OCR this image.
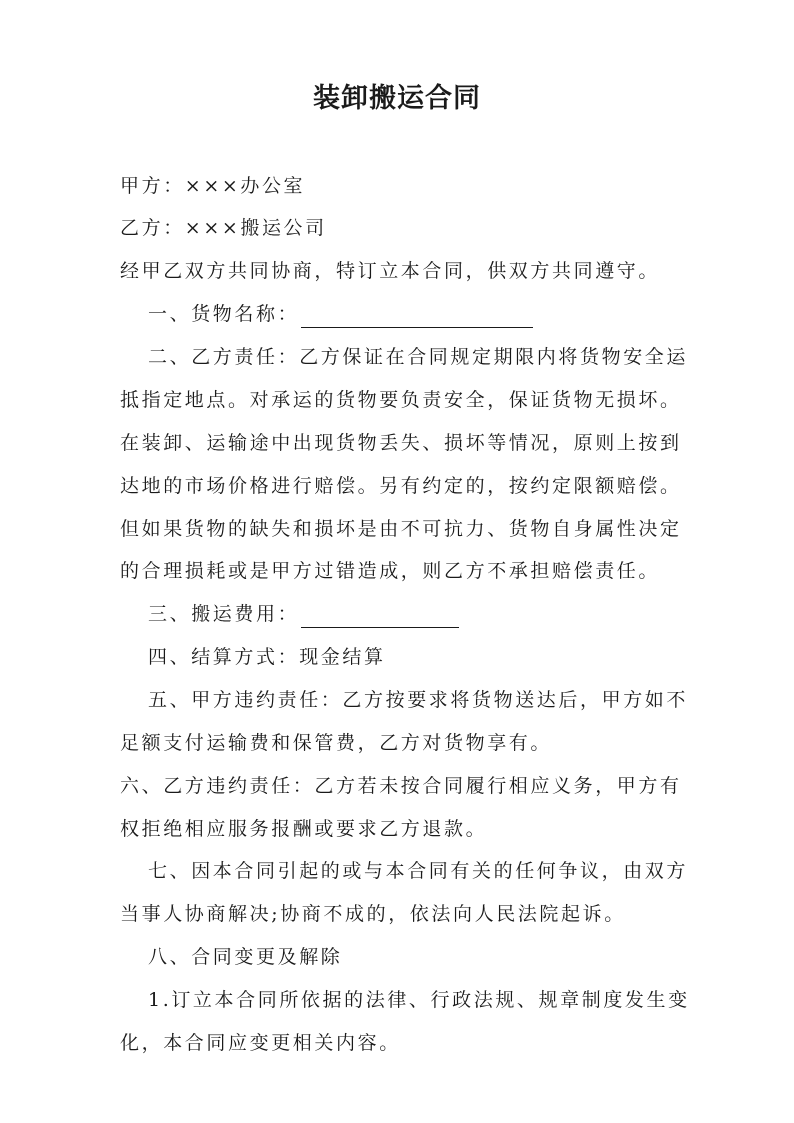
装卸搬运合同
甲方：×××办公室
乙方：×××搬运公司
经甲乙双方共同协商，特订立本合同，供双方共同遵守。
一、货物名称：
二、乙方责任：乙方保证在合同规定期限内将货物安全运
抵指定地点。对承运的货物要负责安全，保证货物无损坏。
在装卸、运输途中出现货物丢失、损坏等情况，原则上按到
达地的市场价格进行赔偿。另有约定的，按约定限额赔偿。
但如果货物的缺失和损坏是由不可抗力、货物自身属性决定
的合理损耗或是甲方过错造成，则乙方不承担赔偿责任。
三、搬运费用：
四、结算方式：现金结算
五、甲方违约责任：乙方按要求将货物送达后，甲方如不
足额支付运输费和保管费，乙方对货物享有。
六、乙方违约责任：乙方若未按合同履行相应义务，甲方有
权拒绝相应服务报酬或要求乙方退款。
七、因本合同引起的或与本合同有关的任何争议，由双方
当事人协商解决;协商不成的，依法向人民法院起诉。
八、合同变更及解除
1.订立本合同所依据的法律、行政法规、规章制度发生变
化，本合同应变更相关内容。
